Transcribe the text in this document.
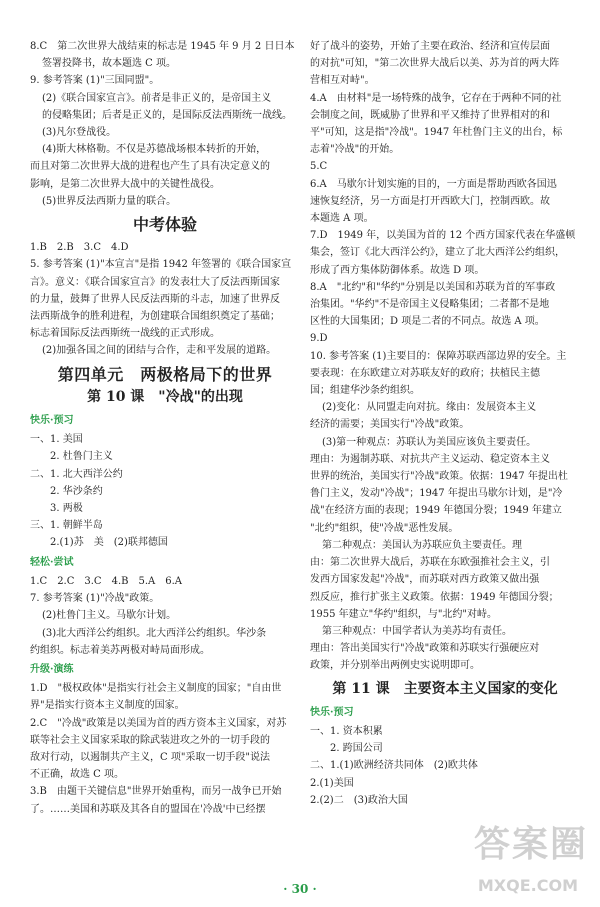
8.C　第二次世界大战结束的标志是 1945 年 9 月 2 日日本

签署投降书，故本题选 C 项。

9. 参考答案 (1)"三国同盟"。

(2)《联合国家宣言》。前者是非正义的，是帝国主义

的侵略集团；后者是正义的，是国际反法西斯统一战线。

(3)凡尔登战役。

(4)斯大林格勒。不仅是苏德战场根本转折的开始，

而且对第二次世界大战的进程也产生了具有决定意义的

影响，是第二次世界大战中的关键性战役。

(5)世界反法西斯力量的联合。

中考体验

1.B　2.B　3.C　4.D

5. 参考答案 (1)"本宣言"是指 1942 年签署的《联合国家宣

言》。意义：《联合国家宣言》的发表壮大了反法西斯国家

的力量，鼓舞了世界人民反法西斯的斗志，加速了世界反

法西斯战争的胜利进程，为创建联合国组织奠定了基础；

标志着国际反法西斯统一战线的正式形成。

(2)加强各国之间的团结与合作，走和平发展的道路。

第四单元　两极格局下的世界
第 10 课　"冷战"的出现
快乐·预习

一、1. 美国

2. 杜鲁门主义

二、1. 北大西洋公约

2. 华沙条约

3. 两极

三、1. 朝鲜半岛

2.(1)苏　美　(2)联邦德国

轻松·尝试

1.C　2.C　3.C　4.B　5.A　6.A

7. 参考答案 (1)"冷战"政策。

(2)杜鲁门主义。马歇尔计划。

(3)北大西洋公约组织。北大西洋公约组织。华沙条

约组织。标志着美苏两极对峙局面形成。

升级·演练

1.D　"极权政体"是指实行社会主义制度的国家；"自由世

界"是指实行资本主义制度的国家。

2.C　"冷战"政策是以美国为首的西方资本主义国家，对苏

联等社会主义国家采取的除武装进攻之外的一切手段的

敌对行动，以遏制共产主义，C 项"采取一切手段"说法

不正确，故选 C 项。

3.B　由题干关键信息"世界开始重构，而另一战争已开始

了。……美国和苏联及其各自的盟国在'冷战'中已经摆

好了战斗的姿势，开始了主要在政治、经济和宣传层面

的对抗"可知，"第二次世界大战后以美、苏为首的两大阵

营相互对峙"。

4.A　由材料"是一场特殊的战争，它存在于两种不同的社

会制度之间，既威胁了世界和平又维持了世界相对的和

平"可知，这是指"冷战"。1947 年杜鲁门主义的出台，标

志着"冷战"的开始。

5.C

6.A　马歇尔计划实施的目的，一方面是帮助西欧各国迅

速恢复经济，另一方面是打开西欧大门，控制西欧。故

本题选 A 项。

7.D　1949 年，以美国为首的 12 个西方国家代表在华盛顿

集会，签订《北大西洋公约》，建立了北大西洋公约组织，

形成了西方集体防御体系。故选 D 项。

8.A　"北约"和"华约"分别是以美国和苏联为首的军事政

治集团。"华约"不是帝国主义侵略集团；二者都不是地

区性的大国集团；D 项是二者的不同点。故选 A 项。

9.D

10. 参考答案 (1)主要目的：保障苏联西部边界的安全。主

要表现：在东欧建立对苏联友好的政府；扶植民主德

国；组建华沙条约组织。

(2)变化：从同盟走向对抗。缘由：发展资本主义

经济的需要；美国实行"冷战"政策。

(3)第一种观点：苏联认为美国应该负主要责任。

理由：为遏制苏联、对抗共产主义运动、稳定资本主义

世界的统治，美国实行"冷战"政策。依据：1947 年提出杜

鲁门主义，发动"冷战"；1947 年提出马歇尔计划，是"冷

战"在经济方面的表现；1949 年德国分裂；1949 年建立

"北约"组织，使"冷战"恶性发展。

第二种观点：美国认为苏联应负主要责任。理

由：第二次世界大战后，苏联在东欧强推社会主义，引

发西方国家发起"冷战"，而苏联对西方政策又做出强

烈反应，推行扩张主义政策。依据：1949 年德国分裂；

1955 年建立"华约"组织，与"北约"对峙。

第三种观点：中国学者认为美苏均有责任。

理由：答出美国实行"冷战"政策和苏联实行强硬应对

政策，并分别举出两例史实说明即可。

第 11 课　主要资本主义国家的变化
快乐·预习

一、1. 资本积累

2. 跨国公司

二、1.(1)欧洲经济共同体　(2)欧共体

2.(1)美国

2.(2)二　(3)政治大国

答案圈
MXQE.COM
· 30 ·
